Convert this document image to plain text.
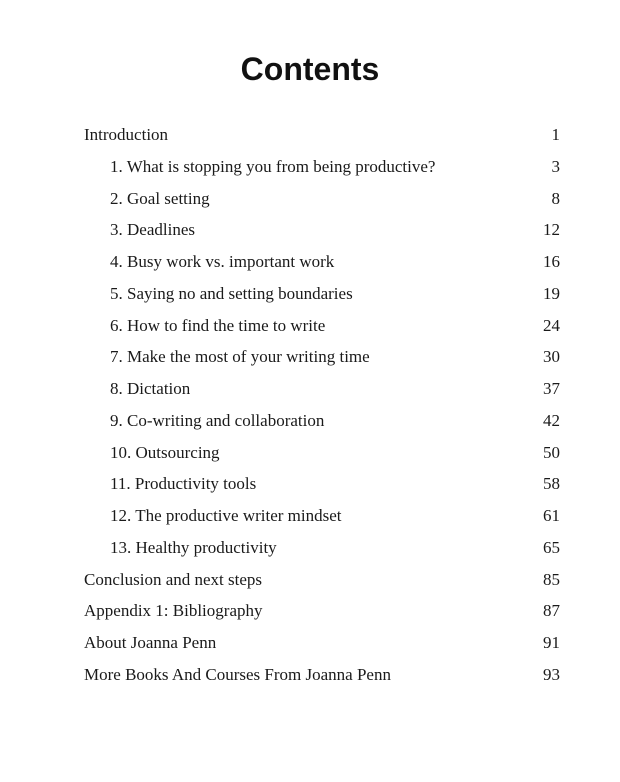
Contents
Introduction	1
1. What is stopping you from being productive?	3
2. Goal setting	8
3. Deadlines	12
4. Busy work vs. important work	16
5. Saying no and setting boundaries	19
6. How to find the time to write	24
7. Make the most of your writing time	30
8. Dictation	37
9. Co-writing and collaboration	42
10. Outsourcing	50
11. Productivity tools	58
12. The productive writer mindset	61
13. Healthy productivity	65
Conclusion and next steps	85
Appendix 1: Bibliography	87
About Joanna Penn	91
More Books And Courses From Joanna Penn	93
